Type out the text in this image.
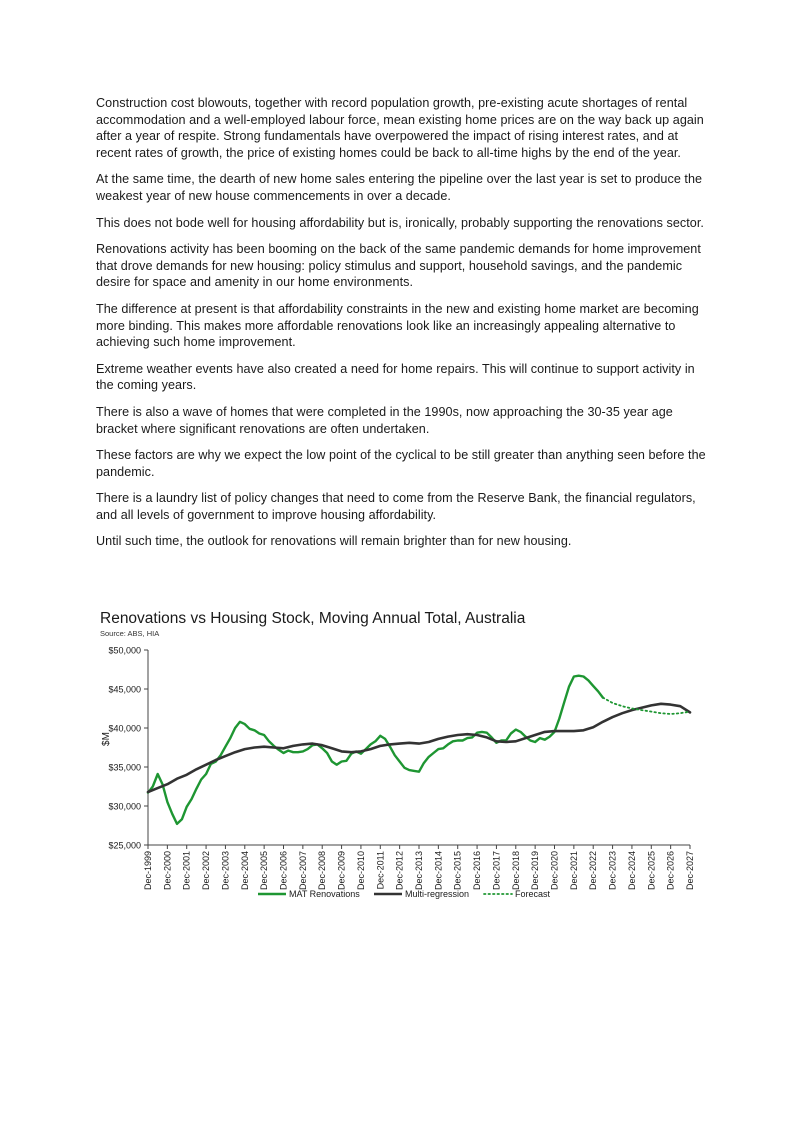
Construction cost blowouts, together with record population growth, pre-existing acute shortages of rental accommodation and a well-employed labour force, mean existing home prices are on the way back up again after a year of respite. Strong fundamentals have overpowered the impact of rising interest rates, and at recent rates of growth, the price of existing homes could be back to all-time highs by the end of the year.

At the same time, the dearth of new home sales entering the pipeline over the last year is set to produce the weakest year of new house commencements in over a decade.

This does not bode well for housing affordability but is, ironically, probably supporting the renovations sector.

Renovations activity has been booming on the back of the same pandemic demands for home improvement that drove demands for new housing: policy stimulus and support, household savings, and the pandemic desire for space and amenity in our home environments.

The difference at present is that affordability constraints in the new and existing home market are becoming more binding. This makes more affordable renovations look like an increasingly appealing alternative to achieving such home improvement.

Extreme weather events have also created a need for home repairs. This will continue to support activity in the coming years.

There is also a wave of homes that were completed in the 1990s, now approaching the 30-35 year age bracket where significant renovations are often undertaken.

These factors are why we expect the low point of the cyclical to be still greater than anything seen before the pandemic.

There is a laundry list of policy changes that need to come from the Reserve Bank, the financial regulators, and all levels of government to improve housing affordability.

Until such time, the outlook for renovations will remain brighter than for new housing.

Renovations vs Housing Stock, Moving Annual Total, Australia
Source: ABS, HIA
$M
$25,000
$30,000
$35,000
$40,000
$45,000
$50,000
Dec-1999 Dec-2000 Dec-2001 Dec-2002 Dec-2003 Dec-2004 Dec-2005 Dec-2006 Dec-2007 Dec-2008 Dec-2009 Dec-2010 Dec-2011 Dec-2012 Dec-2013 Dec-2014 Dec-2015 Dec-2016 Dec-2017 Dec-2018 Dec-2019 Dec-2020 Dec-2021 Dec-2022 Dec-2023 Dec-2024 Dec-2025 Dec-2026 Dec-2027
MAT Renovations	Multi-regression	Forecast
